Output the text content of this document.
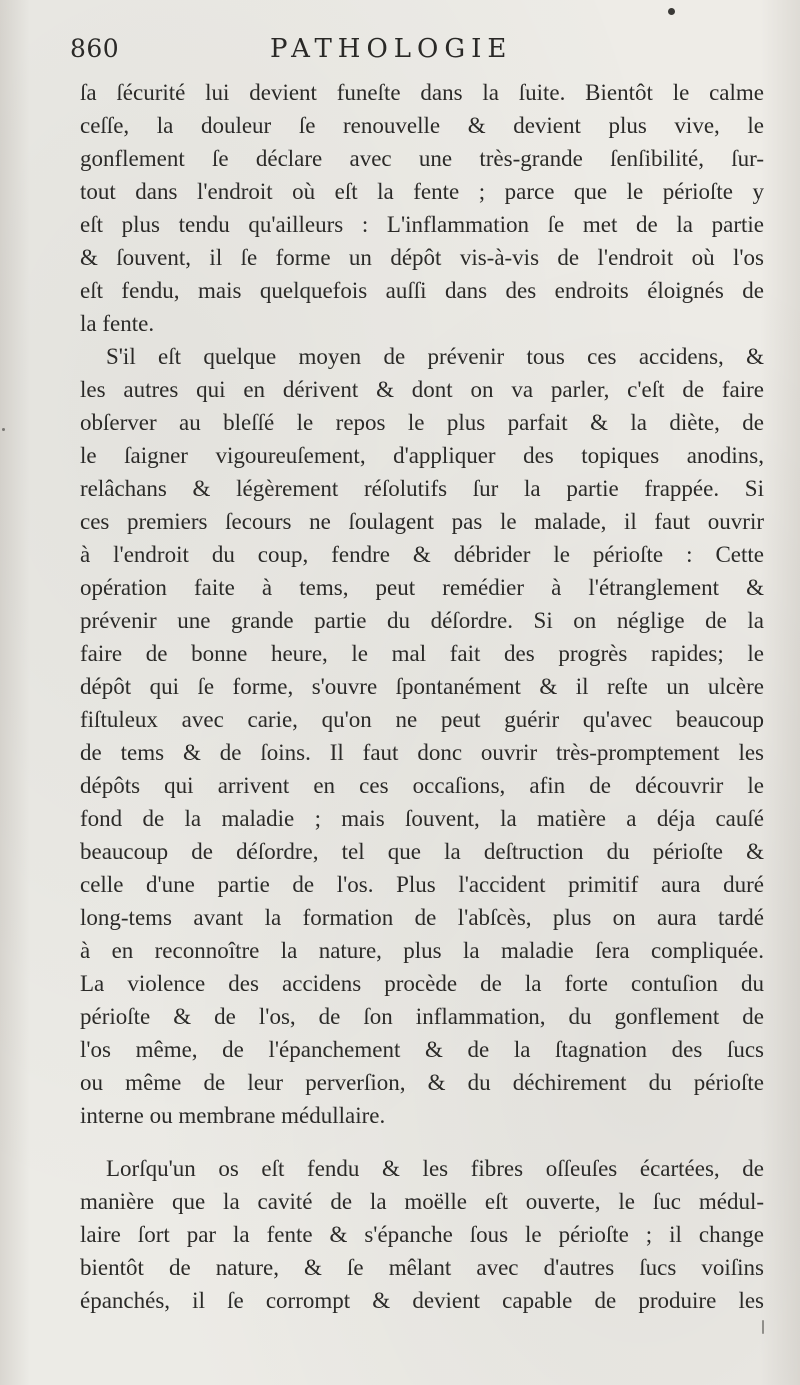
860	PATHOLOGIE
ſa ſécurité lui devient funeſte dans la ſuite. Bientôt le calme
ceſſe, la douleur ſe renouvelle & devient plus vive, le
gonflement ſe déclare avec une très-grande ſenſibilité, ſur-
tout dans l'endroit où eſt la fente ; parce que le périoſte y
eſt plus tendu qu'ailleurs : L'inflammation ſe met de la partie
& ſouvent, il ſe forme un dépôt vis-à-vis de l'endroit où l'os
eſt fendu, mais quelquefois auſſi dans des endroits éloignés de
la fente.
S'il eſt quelque moyen de prévenir tous ces accidens, &
les autres qui en dérivent & dont on va parler, c'eſt de faire
obſerver au bleſſé le repos le plus parfait & la diète, de
le ſaigner vigoureuſement, d'appliquer des topiques anodins,
relâchans & légèrement réſolutifs ſur la partie frappée. Si
ces premiers ſecours ne ſoulagent pas le malade, il faut ouvrir
à l'endroit du coup, fendre & débrider le périoſte : Cette
opération faite à tems, peut remédier à l'étranglement &
prévenir une grande partie du déſordre. Si on néglige de la
faire de bonne heure, le mal fait des progrès rapides; le
dépôt qui ſe forme, s'ouvre ſpontanément & il reſte un ulcère
fiſtuleux avec carie, qu'on ne peut guérir qu'avec beaucoup
de tems & de ſoins. Il faut donc ouvrir très-promptement les
dépôts qui arrivent en ces occaſions, afin de découvrir le
fond de la maladie ; mais ſouvent, la matière a déja cauſé
beaucoup de déſordre, tel que la deſtruction du périoſte &
celle d'une partie de l'os. Plus l'accident primitif aura duré
long-tems avant la formation de l'abſcès, plus on aura tardé
à en reconnoître la nature, plus la maladie ſera compliquée.
La violence des accidens procède de la forte contuſion du
périoſte & de l'os, de ſon inflammation, du gonflement de
l'os même, de l'épanchement & de la ſtagnation des ſucs
ou même de leur perverſion, & du déchirement du périoſte
interne ou membrane médullaire.
Lorſqu'un os eſt fendu & les fibres oſſeuſes écartées, de
manière que la cavité de la moëlle eſt ouverte, le ſuc médul-
laire ſort par la fente & s'épanche ſous le périoſte ; il change
bientôt de nature, & ſe mêlant avec d'autres ſucs voiſins
épanchés, il ſe corrompt & devient capable de produire les
